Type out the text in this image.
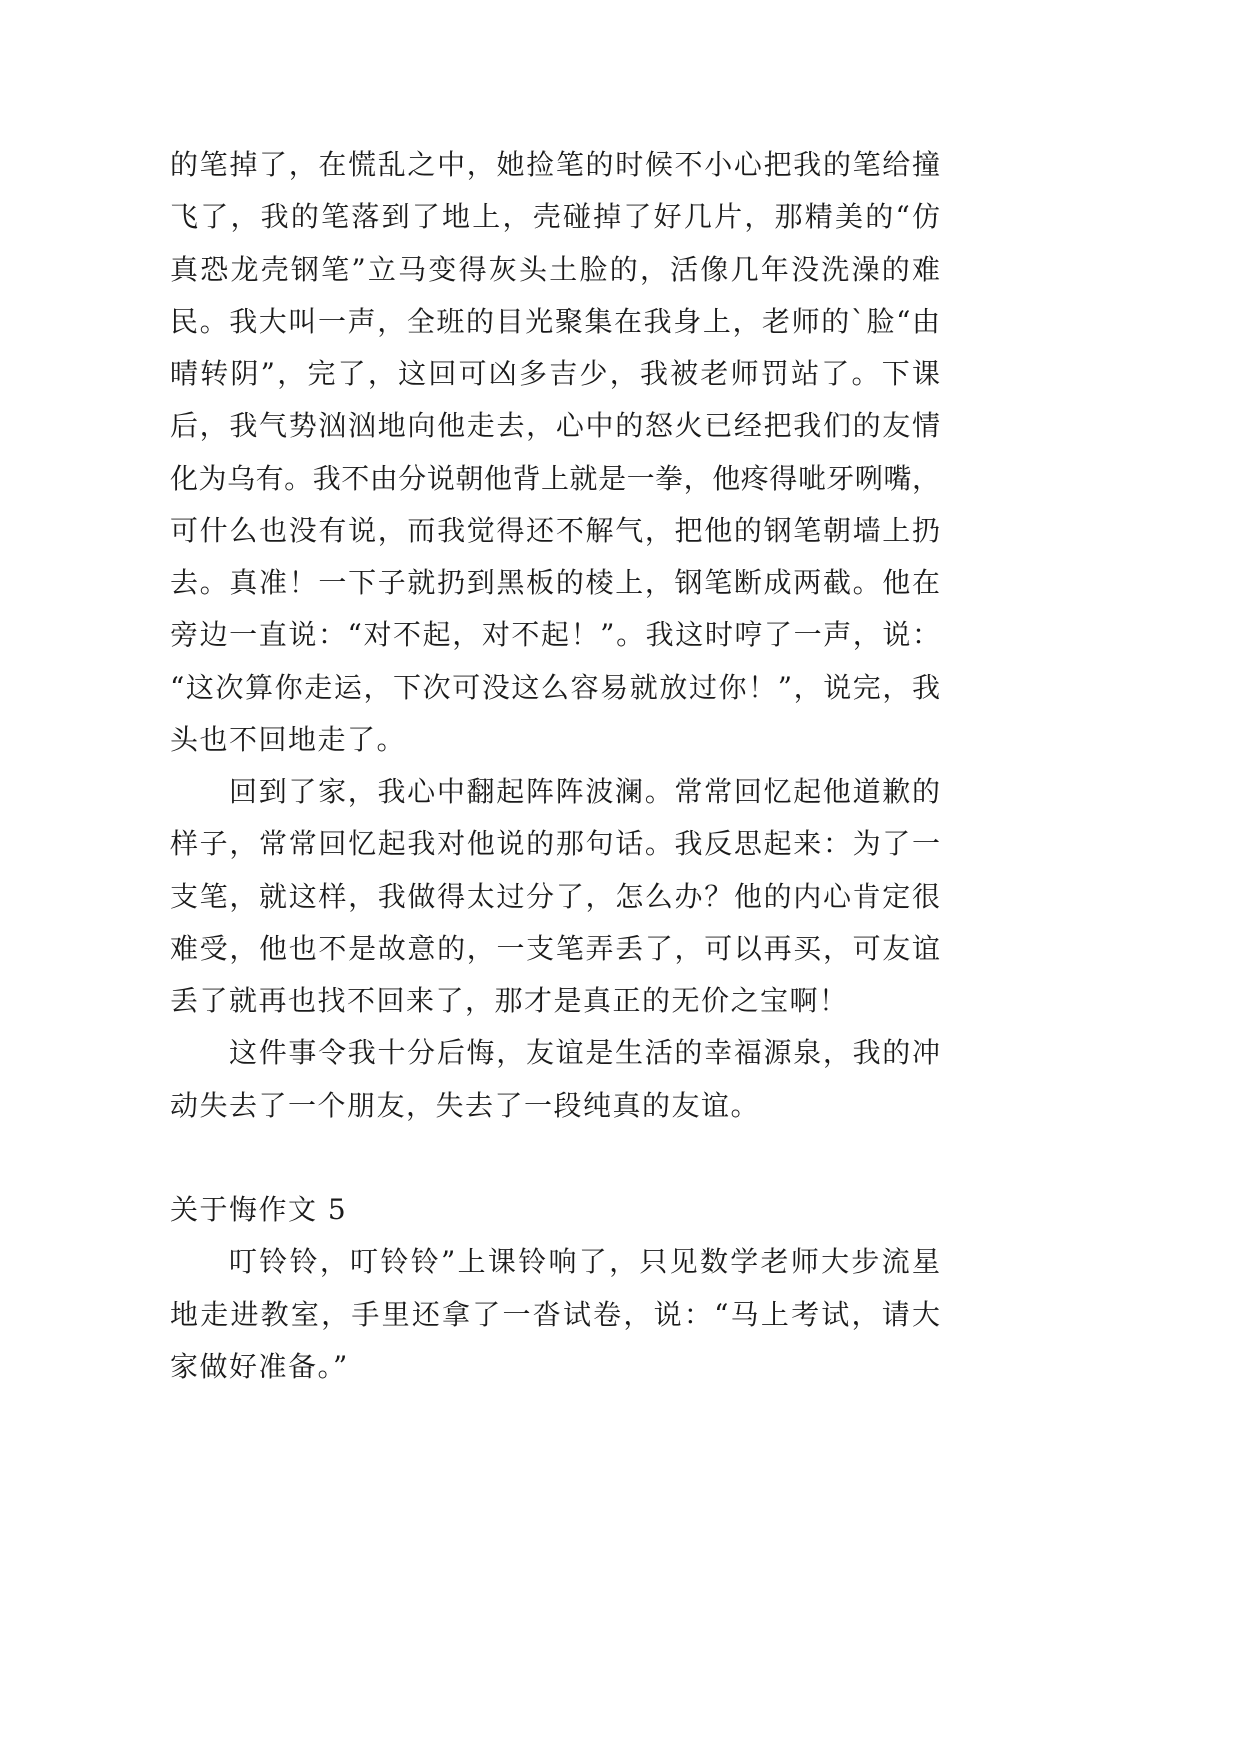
的笔掉了，在慌乱之中，她捡笔的时候不小心把我的笔给撞
飞了，我的笔落到了地上，壳碰掉了好几片，那精美的“仿
真恐龙壳钢笔”立马变得灰头土脸的，活像几年没洗澡的难
民。我大叫一声，全班的目光聚集在我身上，老师的`脸“由
晴转阴”，完了，这回可凶多吉少，我被老师罚站了。下课
后，我气势汹汹地向他走去，心中的怒火已经把我们的友情
化为乌有。我不由分说朝他背上就是一拳，他疼得呲牙咧嘴，
可什么也没有说，而我觉得还不解气，把他的钢笔朝墙上扔
去。真准！一下子就扔到黑板的棱上，钢笔断成两截。他在
旁边一直说：“对不起，对不起！”。我这时哼了一声，说：
“这次算你走运，下次可没这么容易就放过你！”，说完，我
头也不回地走了。
回到了家，我心中翻起阵阵波澜。常常回忆起他道歉的
样子，常常回忆起我对他说的那句话。我反思起来：为了一
支笔，就这样，我做得太过分了，怎么办？他的内心肯定很
难受，他也不是故意的，一支笔弄丢了，可以再买，可友谊
丢了就再也找不回来了，那才是真正的无价之宝啊！
这件事令我十分后悔，友谊是生活的幸福源泉，我的冲
动失去了一个朋友，失去了一段纯真的友谊。
关于悔作文 5
叮铃铃，叮铃铃”上课铃响了，只见数学老师大步流星
地走进教室，手里还拿了一沓试卷，说：“马上考试，请大
家做好准备。”
